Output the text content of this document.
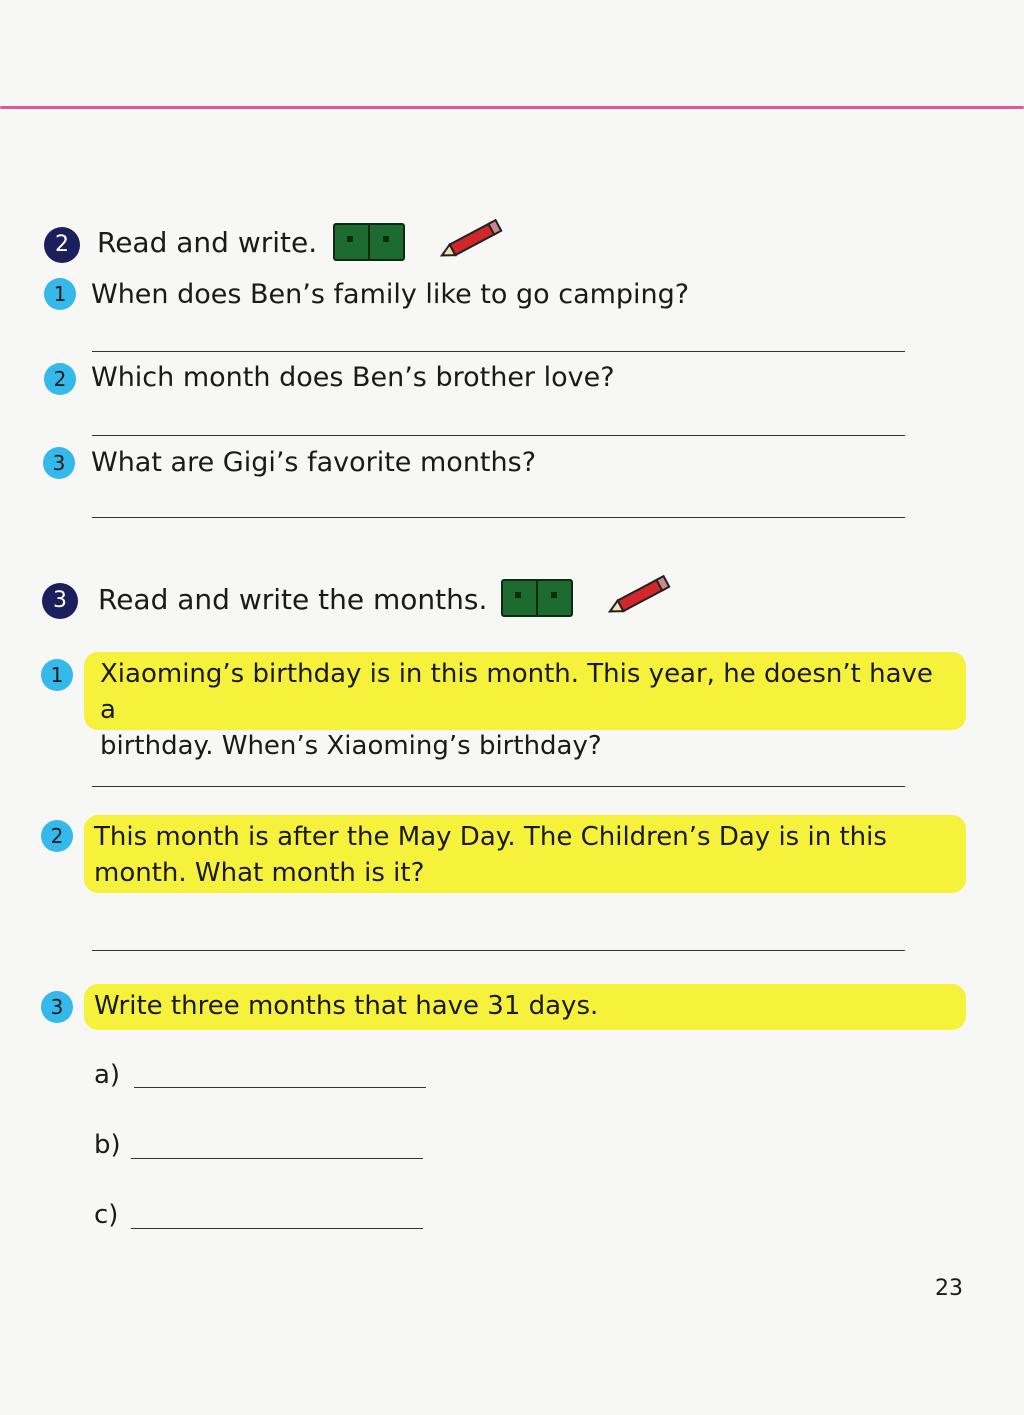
2	Read and write.
1 When does Ben’s family like to go camping?
2 Which month does Ben’s brother love?
3 What are Gigi’s favorite months?
3	Read and write the months.
1	Xiaoming’s birthday is in this month. This year, he doesn’t have a
birthday. When’s Xiaoming’s birthday?
2	This month is after the May Day. The Children’s Day is in this
month. What month is it?
3	Write three months that have 31 days.
a)
b)
c)
23
